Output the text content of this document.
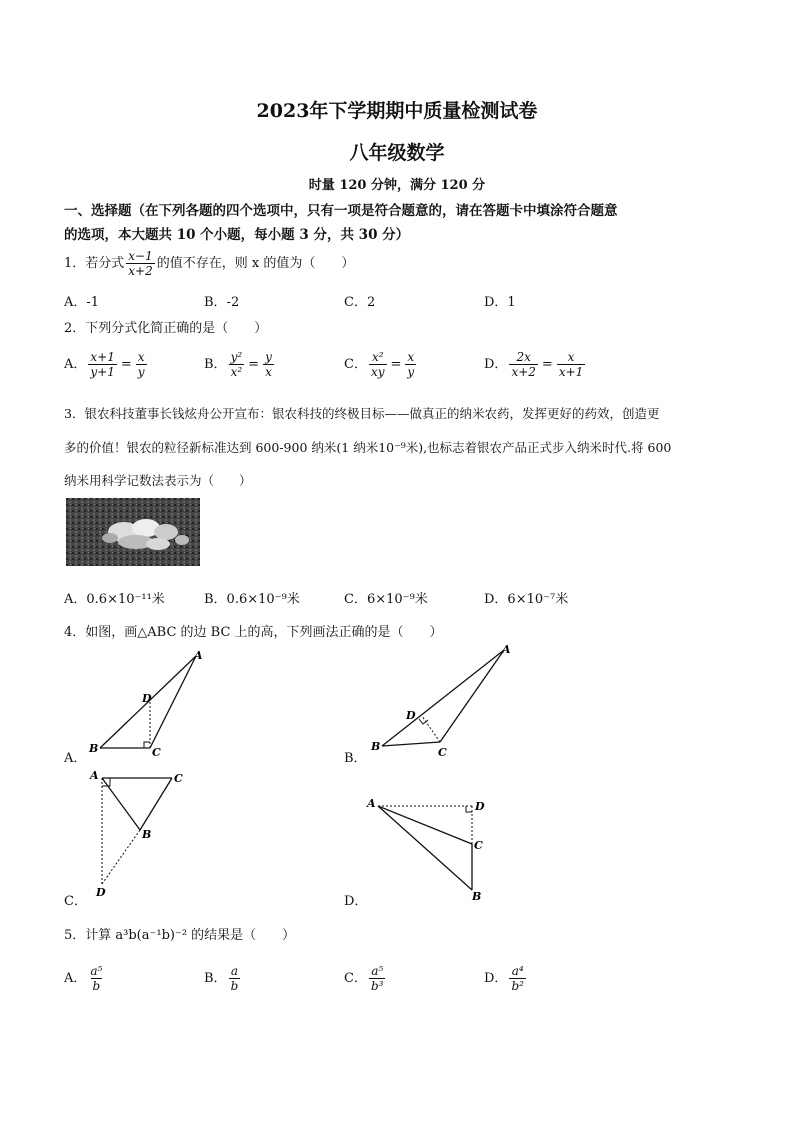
2023年下学期期中质量检测试卷
八年级数学
时量 120 分钟，满分 120 分
一、选择题（在下列各题的四个选项中，只有一项是符合题意的，请在答题卡中填涂符合题意
的选项，本大题共 10 个小题，每小题 3 分，共 30 分）
1．若分式 $\frac{x-1}{x+2}$ 的值不存在，则 x 的值为（　　）
A．-1	B．-2	C．2	D．1
2．下列分式化简正确的是（　　）
A． $\frac{x+1}{y+1} = \frac{x}{y}$	B． $\frac{\text{y²}}{\text{x²}} = \frac{y}{x}$	C． $\frac{\text{x²}}{xy} = \frac{x}{y}$	D． $\frac{2x}{x+2} = \frac{x}{x+1}$
3．银农科技董事长钱炫舟公开宣布：银农科技的终极目标——做真正的纳米农药，发挥更好的药效，创造更
多的价值！银农的粒径新标准达到 600-900 纳米(1 纳米10⁻⁹米),也标志着银农产品正式步入纳米时代.将 600
纳米用科学记数法表示为（　　）
A．0.6×10⁻¹¹米	B．0.6×10⁻⁹米	C．6×10⁻⁹米	D．6×10⁻⁷米
4．如图，画△ABC 的边 BC 上的高，下列画法正确的是（　　）
A．
A
B	C
D
B．
A
B	C
D
C．
A	C
B
D
D．
A	D
C
B
5．计算 a³b(a⁻¹b)⁻² 的结果是（　　）
A． $\frac{\text{a⁵}}{b}$	B． $\frac{a}{b}$	C． $\frac{\text{a⁵}}{\text{b³}}$	D． $\frac{\text{a⁴}}{\text{b²}}$
